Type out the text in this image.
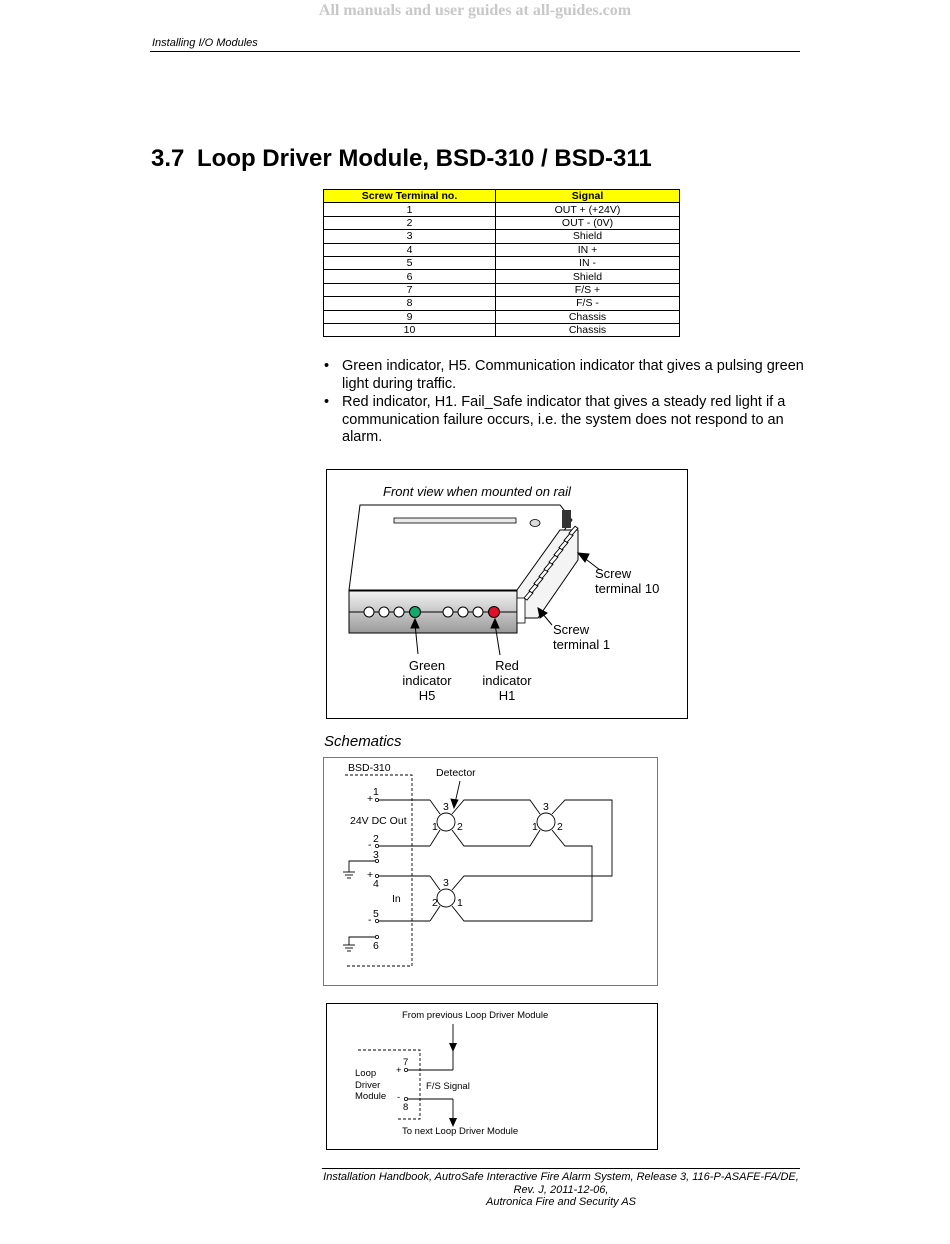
All manuals and user guides at all-guides.com
Installing I/O Modules
3.7 Loop Driver Module, BSD-310 / BSD-311
Screw Terminal no.	Signal
1	OUT + (+24V)
2	OUT - (0V)
3	Shield
4	IN +
5	IN -
6	Shield
7	F/S +
8	F/S -
9	Chassis
10	Chassis
• Green indicator, H5. Communication indicator that gives a pulsing green light during traffic.
• Red indicator, H1. Fail_Safe indicator that gives a steady red light if a communication failure occurs, i.e. the system does not respond to an alarm.
Front view when mounted on rail
Screw
terminal 10
Screw
terminal 1
Green
indicator
H5
Red
indicator
H1
Schematics
BSD-310	Detector
24V DC Out
In
1
2
3
4
5
6
+
-
+
-
3
1 2
3
1 2
3
2 1
From previous Loop Driver Module
To next Loop Driver Module
Loop
Driver
Module
F/S Signal
7
8
+
-
Installation Handbook, AutroSafe Interactive Fire Alarm System, Release 3, 116-P-ASAFE-FA/DE,
Rev. J, 2011-12-06,
Autronica Fire and Security AS
